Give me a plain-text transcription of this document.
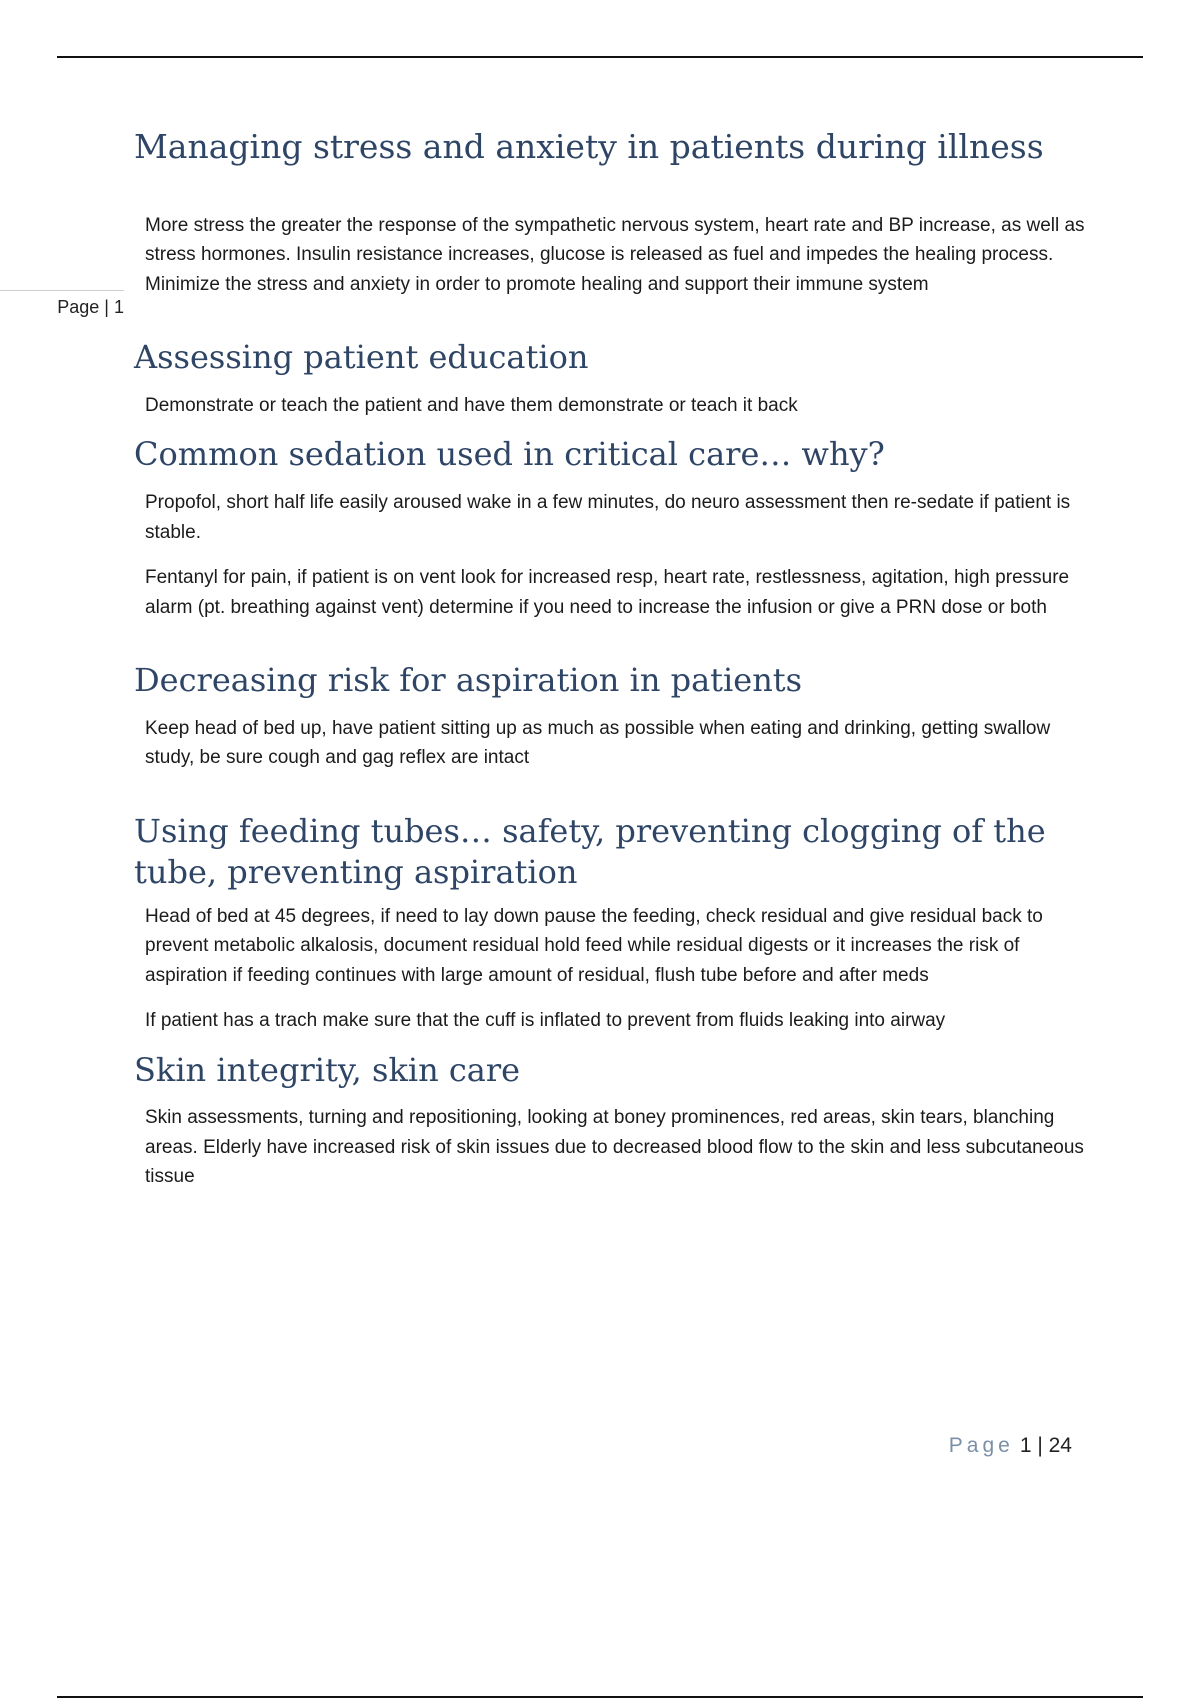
Page | 1
Managing stress and anxiety in patients during illness

More stress the greater the response of the sympathetic nervous system, heart rate and BP increase, as well as stress hormones. Insulin resistance increases, glucose is released as fuel and impedes the healing process. Minimize the stress and anxiety in order to promote healing and support their immune system

Assessing patient education

Demonstrate or teach the patient and have them demonstrate or teach it back

Common sedation used in critical care… why?

Propofol, short half life easily aroused wake in a few minutes, do neuro assessment then re-sedate if patient is stable.

Fentanyl for pain, if patient is on vent look for increased resp, heart rate, restlessness, agitation, high pressure alarm (pt. breathing against vent) determine if you need to increase the infusion or give a PRN dose or both

Decreasing risk for aspiration in patients

Keep head of bed up, have patient sitting up as much as possible when eating and drinking, getting swallow study, be sure cough and gag reflex are intact

Using feeding tubes… safety, preventing clogging of the tube, preventing aspiration

Head of bed at 45 degrees, if need to lay down pause the feeding, check residual and give residual back to prevent metabolic alkalosis, document residual hold feed while residual digests or it increases the risk of aspiration if feeding continues with large amount of residual, flush tube before and after meds

If patient has a trach make sure that the cuff is inflated to prevent from fluids leaking into airway

Skin integrity, skin care

Skin assessments, turning and repositioning, looking at boney prominences, red areas, skin tears, blanching areas. Elderly have increased risk of skin issues due to decreased blood flow to the skin and less subcutaneous tissue

Page 1 | 24
